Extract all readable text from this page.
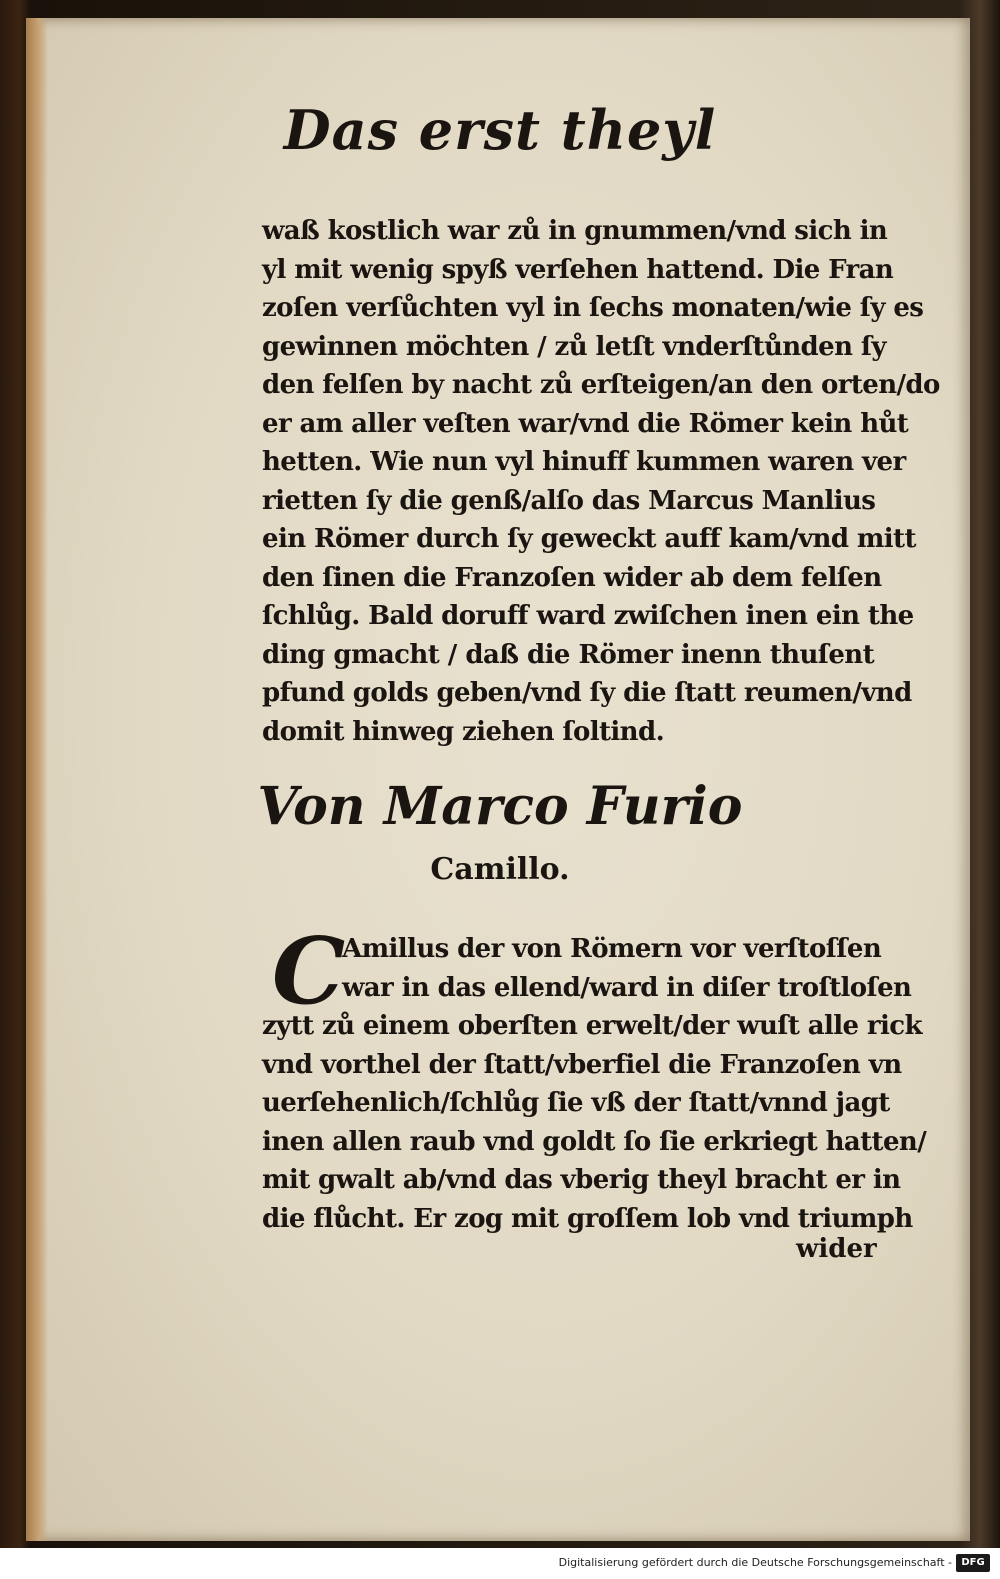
Das erst theyl
waß kostlich war zů in gnummen/vnd sich in
yl mit wenig spyß verſehen hattend. Die Fran
zoſen verſůchten vyl in ſechs monaten/wie ſy es
gewinnen möchten / zů letſt vnderſtůnden ſy
den felſen by nacht zů erſteigen/an den orten/do
er am aller veſten war/vnd die Römer kein hůt
hetten. Wie nun vyl hinuff kummen waren ver
rietten ſy die genß/alſo das Marcus Manlius
ein Römer durch ſy geweckt auff kam/vnd mitt
den ſinen die Franzoſen wider ab dem felſen
ſchlůg. Bald doruff ward zwiſchen inen ein the
ding gmacht / daß die Römer inenn thuſent
pfund golds geben/vnd ſy die ſtatt reumen/vnd
domit hinweg ziehen ſoltind.
Von Marco Furio
Camillo.
C
Amillus der von Römern vor verſtoſſen
war in das ellend/ward in diſer troſtloſen
zytt zů einem oberſten erwelt/der wuſt alle rick
vnd vorthel der ſtatt/vberfiel die Franzoſen vn
uerſehenlich/ſchlůg ſie vß der ſtatt/vnnd jagt
inen allen raub vnd goldt ſo ſie erkriegt hatten/
mit gwalt ab/vnd das vberig theyl bracht er in
die flůcht. Er zog mit groſſem lob vnd triumph
wider
Digitalisierung gefördert durch die Deutsche Forschungsgemeinschaft - DFG
